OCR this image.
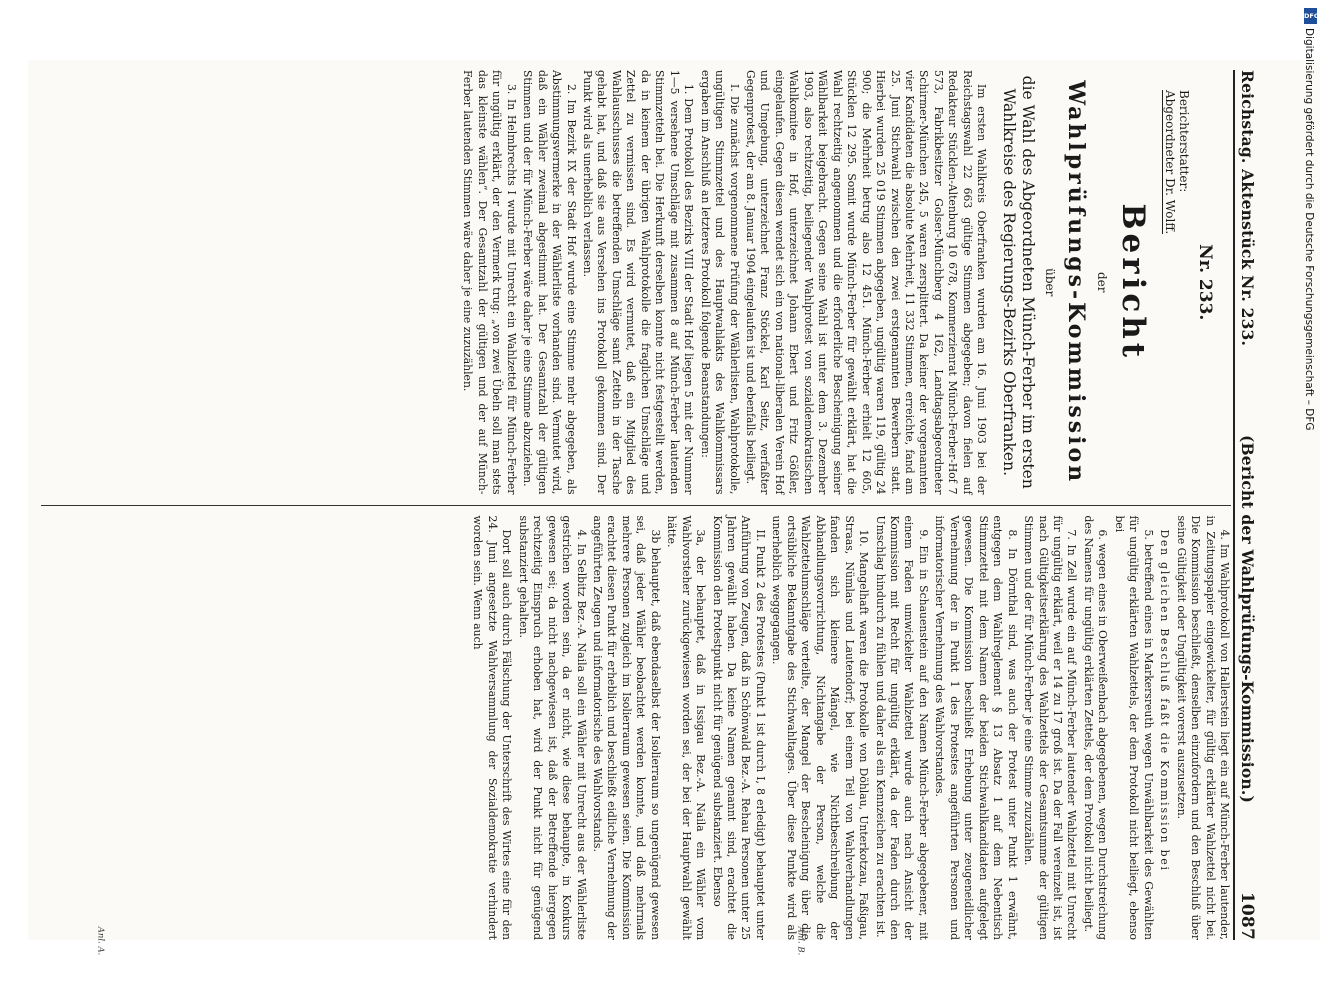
Reichstag. Aktenstück Nr. 233.
(Bericht der Wahlprüfungs-Kommission.)
1087
Nr. 233.
Berichterstatter:
Abgeordneter Dr. Wolff.
Bericht
der
Wahlprüfungs-Kommission
über
die Wahl des Abgeordneten Münch-Ferber im ersten Wahlkreise des Regierungs-Bezirks Oberfranken.

Im ersten Wahlkreis Oberfranken wurden am 16. Juni 1903 bei der Reichstagswahl 22 663 gültige Stimmen abgegeben; davon fielen auf Redakteur Stücklen-Altenburg 10 678, Kommerzienrat Münch-Ferber-Hof 7 573, Fabrikbesitzer Golser-Münchberg 4 162, Landtagsabgeordneter Schirmer-München 245, 5 waren zersplittert. Da keiner der vorgenannten vier Kandidaten die absolute Mehrheit, 11 332 Stimmen, erreichte, fand am 25. Juni Stichwahl zwischen den zwei erstgenannten Bewerbern statt. Hierbei wurden 25 019 Stimmen abgegeben, ungültig waren 119, gültig 24 900; die Mehrheit betrug also 12 451. Münch-Ferber erhielt 12 605, Stücklen 12 295. Somit wurde Münch-Ferber für gewählt erklärt, hat die Wahl rechtzeitig angenommen und die erforderliche Bescheinigung seiner Wählbarkeit beigebracht. Gegen seine Wahl ist unter dem 3. Dezember 1903, also rechtzeitig, beiliegender Wahlprotest von sozialdemokratischen Wahlkomitee in Hof, unterzeichnet Johann Ebert und Fritz Gößler, eingelaufen. Gegen diesen wendet sich ein von national-liberalen Verein Hof und Umgebung, unterzeichnet Franz Stöckel, Karl Seitz, verfaßter Gegenprotest, der am 8. Januar 1904 eingelaufen ist und ebenfalls beiliegt.

I. Die zunächst vorgenommene Prüfung der Wählerlisten, Wahlprotokolle, ungültigen Stimmzettel und des Hauptwahlakts des Wahlkommissars ergaben im Anschluß an letzteres Protokoll folgende Beanstandungen:

1. Dem Protokoll des Bezirks VIII der Stadt Hof liegen 5 mit der Nummer 1—5 versehene Umschläge mit zusammen 8 auf Münch-Ferber lautenden Stimmzetteln bei. Die Herkunft derselben konnte nicht festgestellt werden, da in keinem der übrigen Wahlprotokolle die fraglichen Umschläge und Zettel zu vermissen sind. Es wird vermutet, daß ein Mitglied des Wahlausschusses die betreffenden Umschläge samt Zetteln in der Tasche gehabt hat, und daß sie aus Versehen ins Protokoll gekommen sind. Der Punkt wird als unerheblich verlassen.

2. Im Bezirk IX der Stadt Hof wurde eine Stimme mehr abgegeben, als Abstimmungsvermerke in der Wählerliste vorhanden sind. Vermutet wird, daß ein Wähler zweimal abgestimmt hat. Der Gesamtzahl der gültigen Stimmen und der für Münch-Ferber wäre daher je eine Stimme abzuziehen.

3. In Helmbrechts I wurde mit Unrecht ein Wahlzettel für Münch-Ferber für ungültig erklärt, der den Vermerk trug: „von zwei Übeln soll man stets das kleinste wählen“. Der Gesamtzahl der gültigen und der auf Münch-Ferber lautenden Stimmen wäre daher je eine zuzuzählen.

4. Im Wahlprotokoll von Hallerstein liegt ein auf Münch-Ferber lautender, in Zeitungspapier eingewickelter, für gültig erklärter Wahlzettel nicht bei. Die Kommission beschließt, denselben einzufordern und den Beschluß über seine Gültigkeit oder Ungültigkeit vorerst auszusetzen.

Den gleichen Beschluß faßt die Kommission bei

5. betreffend eines in Markersreuth wegen Unwählbarkeit des Gewählten für ungültig erklärten Wahlzettels, der dem Protokoll nicht beiliegt, ebenso bei

6. wegen eines in Oberweißenbach abgegebenen, wegen Durchstreichung des Namens für ungültig erklärten Zettels, der dem Protokoll nicht beiliegt.

7. In Zell wurde ein auf Münch-Ferber lautender Wahlzettel mit Unrecht für ungültig erklärt, weil er 14 zu 17 groß ist. Da der Fall vereinzelt ist, ist nach Gültigkeitserklärung des Wahlzettels der Gesamtsumme der gültigen Stimmen und der für Münch-Ferber je eine Stimme zuzuzählen.

8. In Dörnthal sind, was auch der Protest unter Punkt 1 erwähnt, entgegen dem Wahlreglement § 13 Absatz 1 auf dem Nebentisch Stimmzettel mit dem Namen der beiden Stichwahlkandidaten aufgelegt gewesen. Die Kommission beschließt Erhebung unter zeugeneidlicher Vernehmung der in Punkt 1 des Protestes angeführten Personen und informatorischer Vernehmung des Wahlvorstandes.

9. Ein in Schauenstein auf den Namen Münch-Ferber abgegebener, mit einem Faden umwickelter Wahlzettel wurde auch nach Ansicht der Kommission mit Recht für ungültig erklärt, da der Faden durch den Umschlag hindurch zu fühlen und daher als ein Kennzeichen zu erachten ist.

10. Mangelhaft waren die Protokolle von Döhlau, Unterkotzau, Faßigau, Straas, Nümlas und Lautendorf; bei einem Teil von Wahlverhandlungen fanden sich kleinere Mängel, wie Nichtbeschreibung der Abhandlungsvorrichtung, Nichtangabe der Person, welche die Wahlzettelumschläge verteilte, der Mangel der Bescheinigung über die ortsübliche Bekanntgabe des Stichwahltages. Über diese Punkte wird als unerheblich weggegangen.

II. Punkt 2 des Protestes (Punkt 1 ist durch I, 8 erledigt) behauptet unter Anführung von Zeugen, daß in Schönwald Bez.-A. Rehau Personen unter 25 Jahren gewählt haben. Da keine Namen genannt sind, erachtet die Kommission den Protestpunkt nicht für genügend substanziert. Ebenso

3a, der behauptet, daß in Issigau Bez.-A. Naila ein Wähler vom Wahlvorsteher zurückgewiesen worden sei, der bei der Hauptwahl gewählt hätte.

3b behauptet, daß ebendaselbst der Isolierraum so ungenügend gewesen sei, daß jeder Wähler beobachtet werden konnte, und daß mehrmals mehrere Personen zugleich im Isolierraum gewesen seien. Die Kommission erachtet diesen Punkt für erheblich und beschließt eidliche Vernehmung der angeführten Zeugen und informatorische des Wahlvorstands.

4. In Selbitz Bez.-A. Naila soll ein Wähler mit Unrecht aus der Wählerliste gestrichen worden sein, da er nicht, wie diese behaupte, in Konkurs gewesen sei; da nicht nachgewiesen ist, daß der Betreffende hiergegen rechtzeitig Einspruch erhoben hat, wird der Punkt nicht für genügend substanziert gehalten.

Dort soll auch durch Fälschung der Unterschrift des Wirtes eine für den 24. Juni angesetzte Wahlversammlung der Sozialdemokratie verhindert worden sein. Wenn auch

Anl. A.	Anl. B.
DFG
Digitalisierung gefördert durch die Deutsche Forschungsgemeinschaft – DFG
